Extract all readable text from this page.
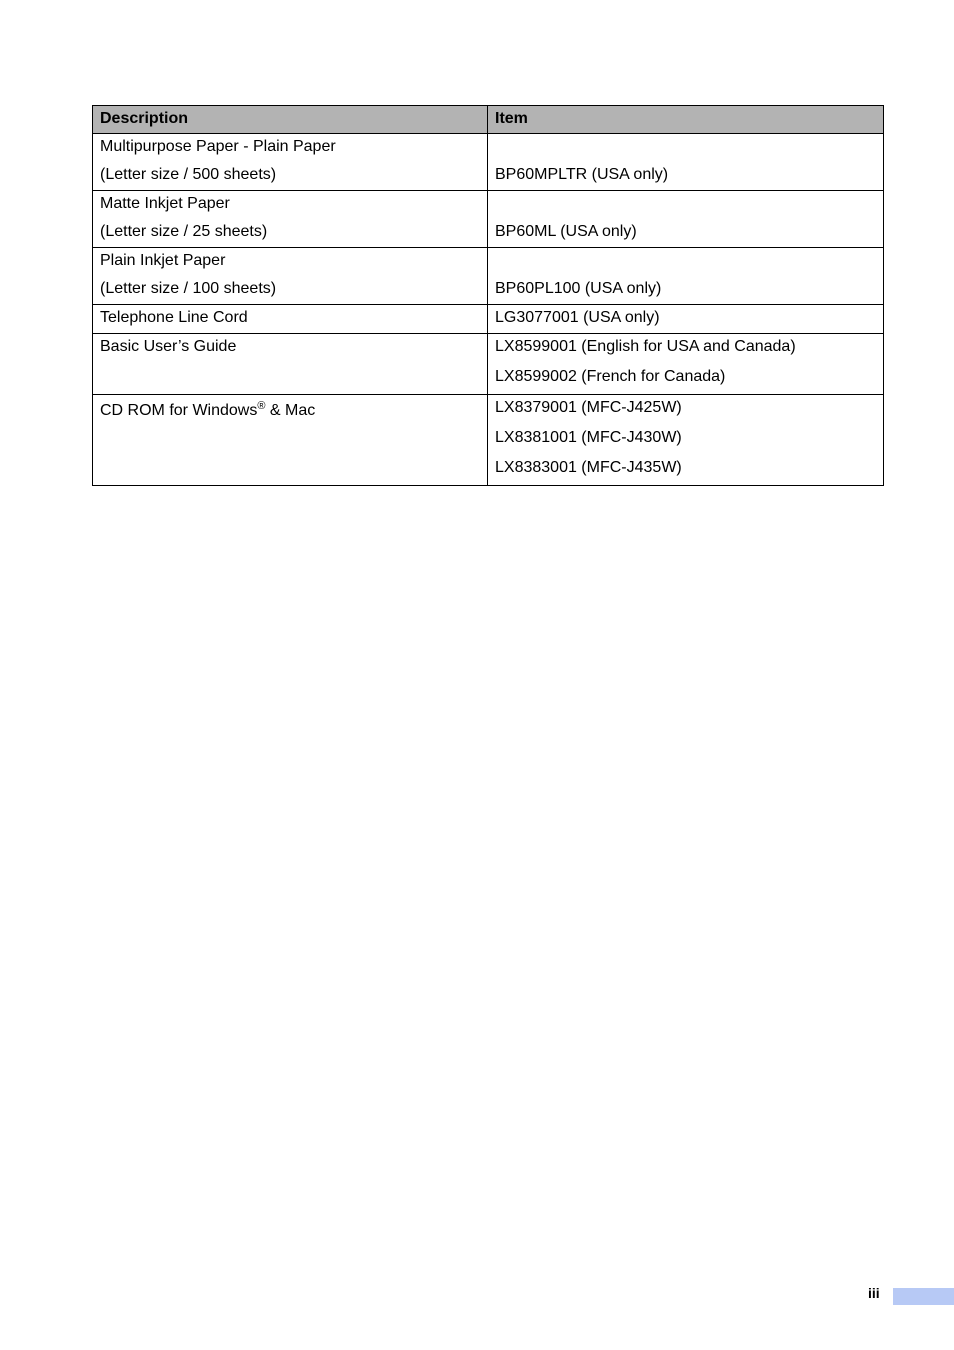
Description	Item

Multipurpose Paper - Plain Paper
(Letter size / 500 sheets)	BP60MPLTR (USA only)

Matte Inkjet Paper
(Letter size / 25 sheets)	BP60ML (USA only)

Plain Inkjet Paper
(Letter size / 100 sheets)	BP60PL100 (USA only)

Telephone Line Cord	LG3077001 (USA only)

Basic User’s Guide	LX8599001 (English for USA and Canada)
LX8599002 (French for Canada)

CD ROM for Windows® & Mac	LX8379001 (MFC-J425W)
LX8381001 (MFC-J430W)
LX8383001 (MFC-J435W)
iii
